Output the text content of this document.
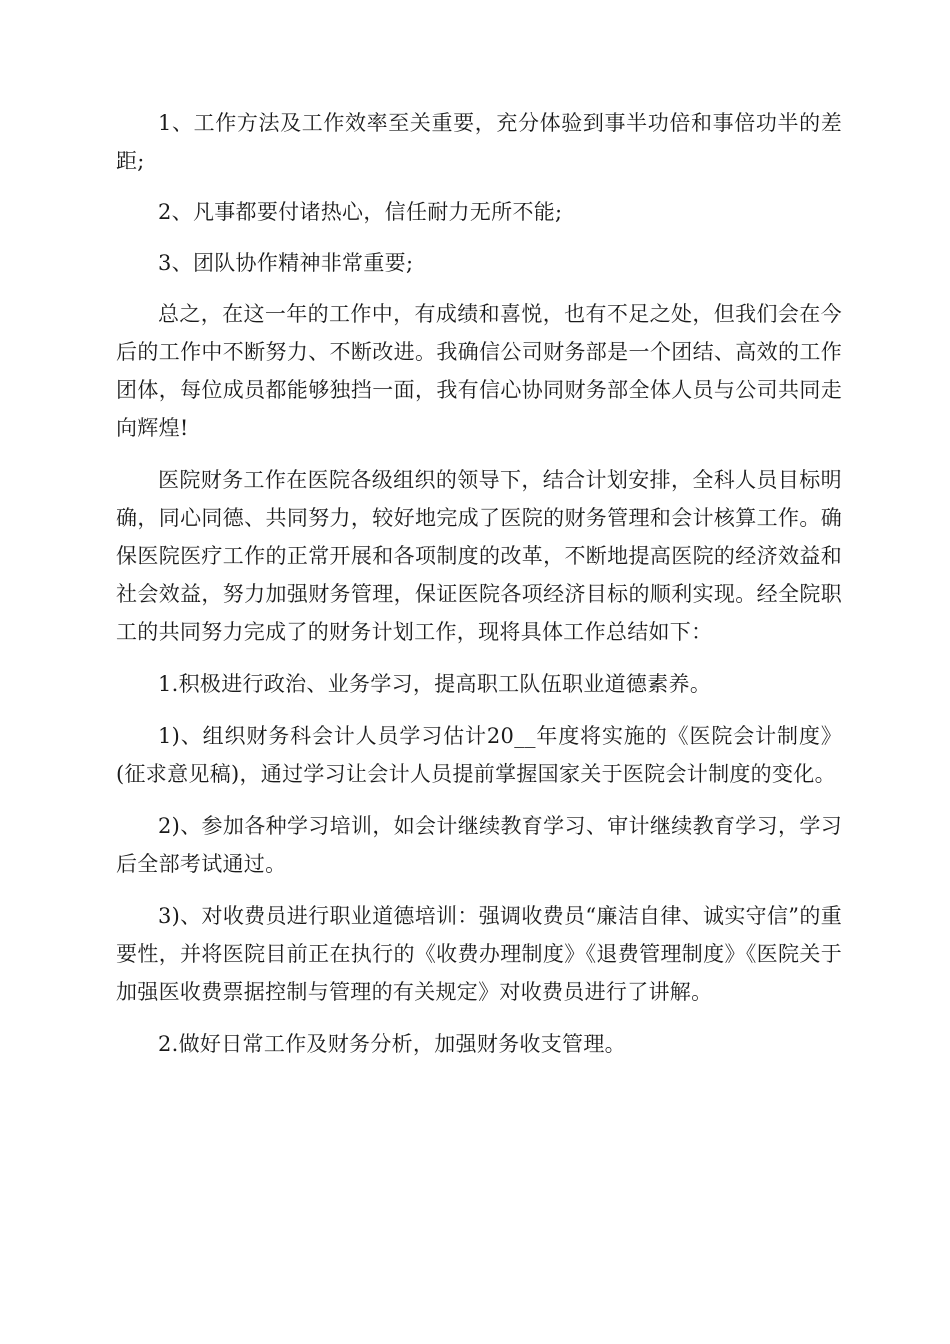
1、工作方法及工作效率至关重要，充分体验到事半功倍和事倍功半的差距;

2、凡事都要付诸热心，信任耐力无所不能;

3、团队协作精神非常重要;

总之，在这一年的工作中，有成绩和喜悦，也有不足之处，但我们会在今后的工作中不断努力、不断改进。我确信公司财务部是一个团结、高效的工作团体，每位成员都能够独挡一面，我有信心协同财务部全体人员与公司共同走向辉煌!

医院财务工作在医院各级组织的领导下，结合计划安排，全科人员目标明确，同心同德、共同努力，较好地完成了医院的财务管理和会计核算工作。确保医院医疗工作的正常开展和各项制度的改革，不断地提高医院的经济效益和社会效益，努力加强财务管理，保证医院各项经济目标的顺利实现。经全院职工的共同努力完成了的财务计划工作，现将具体工作总结如下：

1.积极进行政治、业务学习，提高职工队伍职业道德素养。

1)、组织财务科会计人员学习估计20__年度将实施的《医院会计制度》(征求意见稿)，通过学习让会计人员提前掌握国家关于医院会计制度的变化。

2)、参加各种学习培训，如会计继续教育学习、审计继续教育学习，学习后全部考试通过。

3)、对收费员进行职业道德培训：强调收费员“廉洁自律、诚实守信”的重要性，并将医院目前正在执行的《收费办理制度》《退费管理制度》《医院关于加强医收费票据控制与管理的有关规定》对收费员进行了讲解。

2.做好日常工作及财务分析，加强财务收支管理。
